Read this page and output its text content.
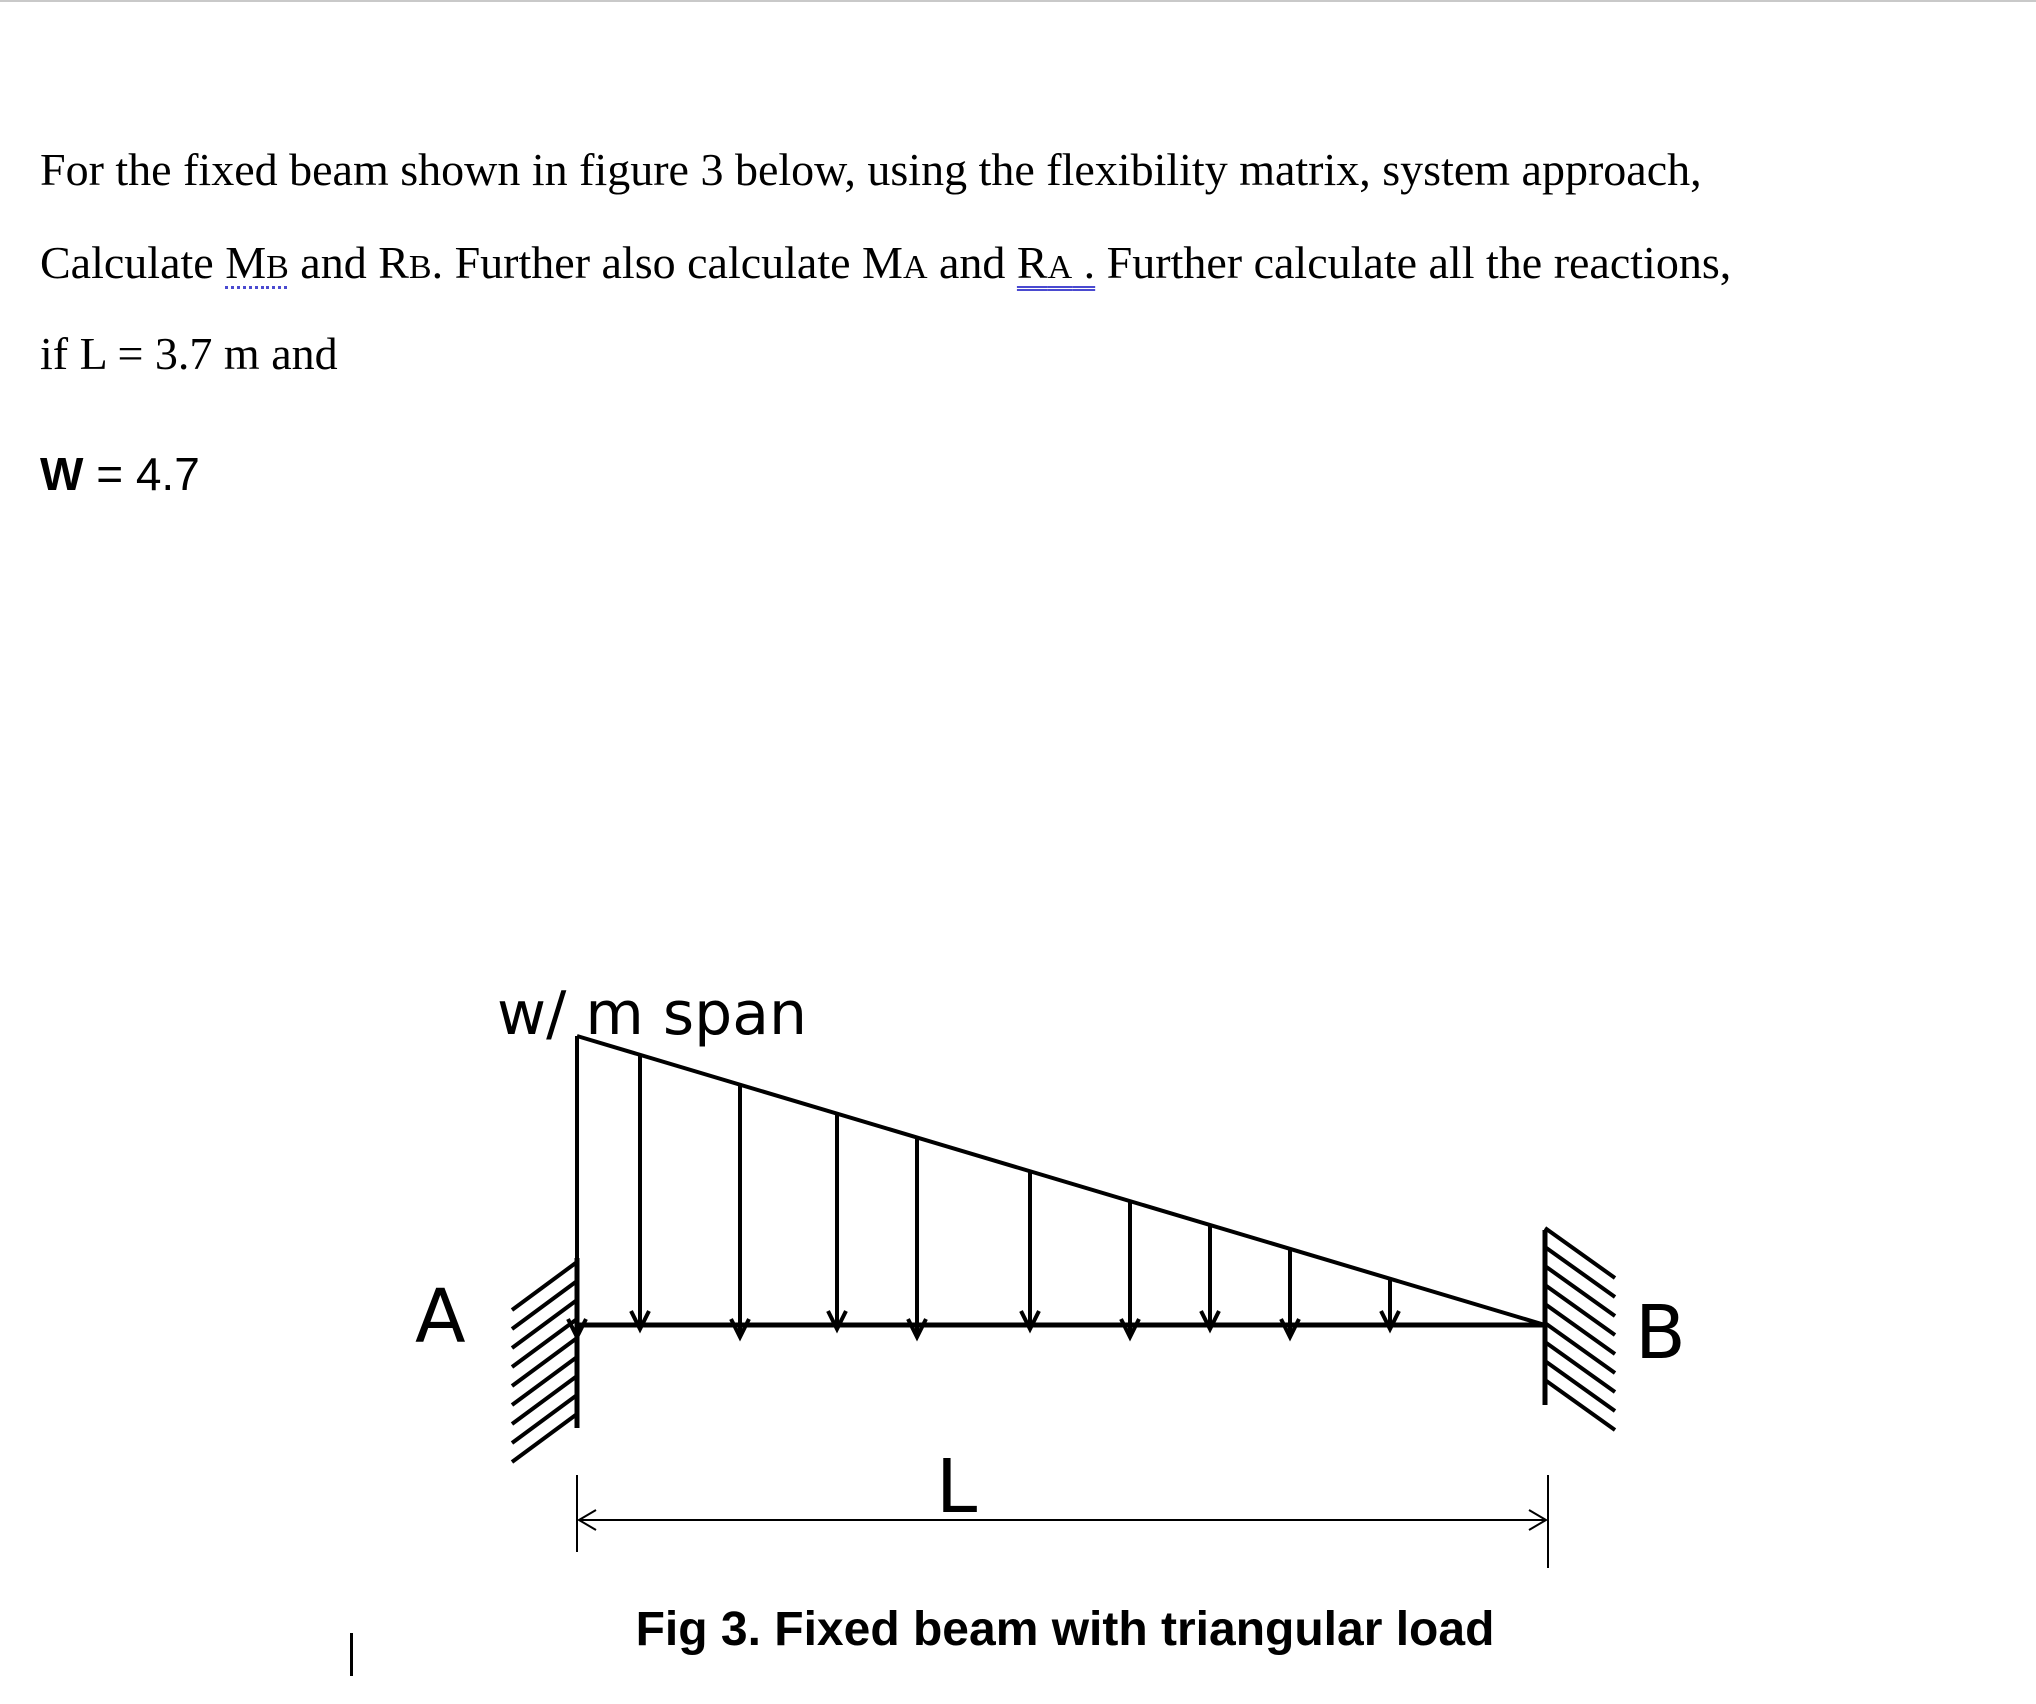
For the fixed beam shown in figure 3 below, using the flexibility matrix, system approach,
Calculate MB and RB. Further also calculate MA and RA . Further calculate all the reactions,
if L = 3.7 m and
W = 4.7
w/ m span
A	B
L
Fig 3. Fixed beam with triangular load
